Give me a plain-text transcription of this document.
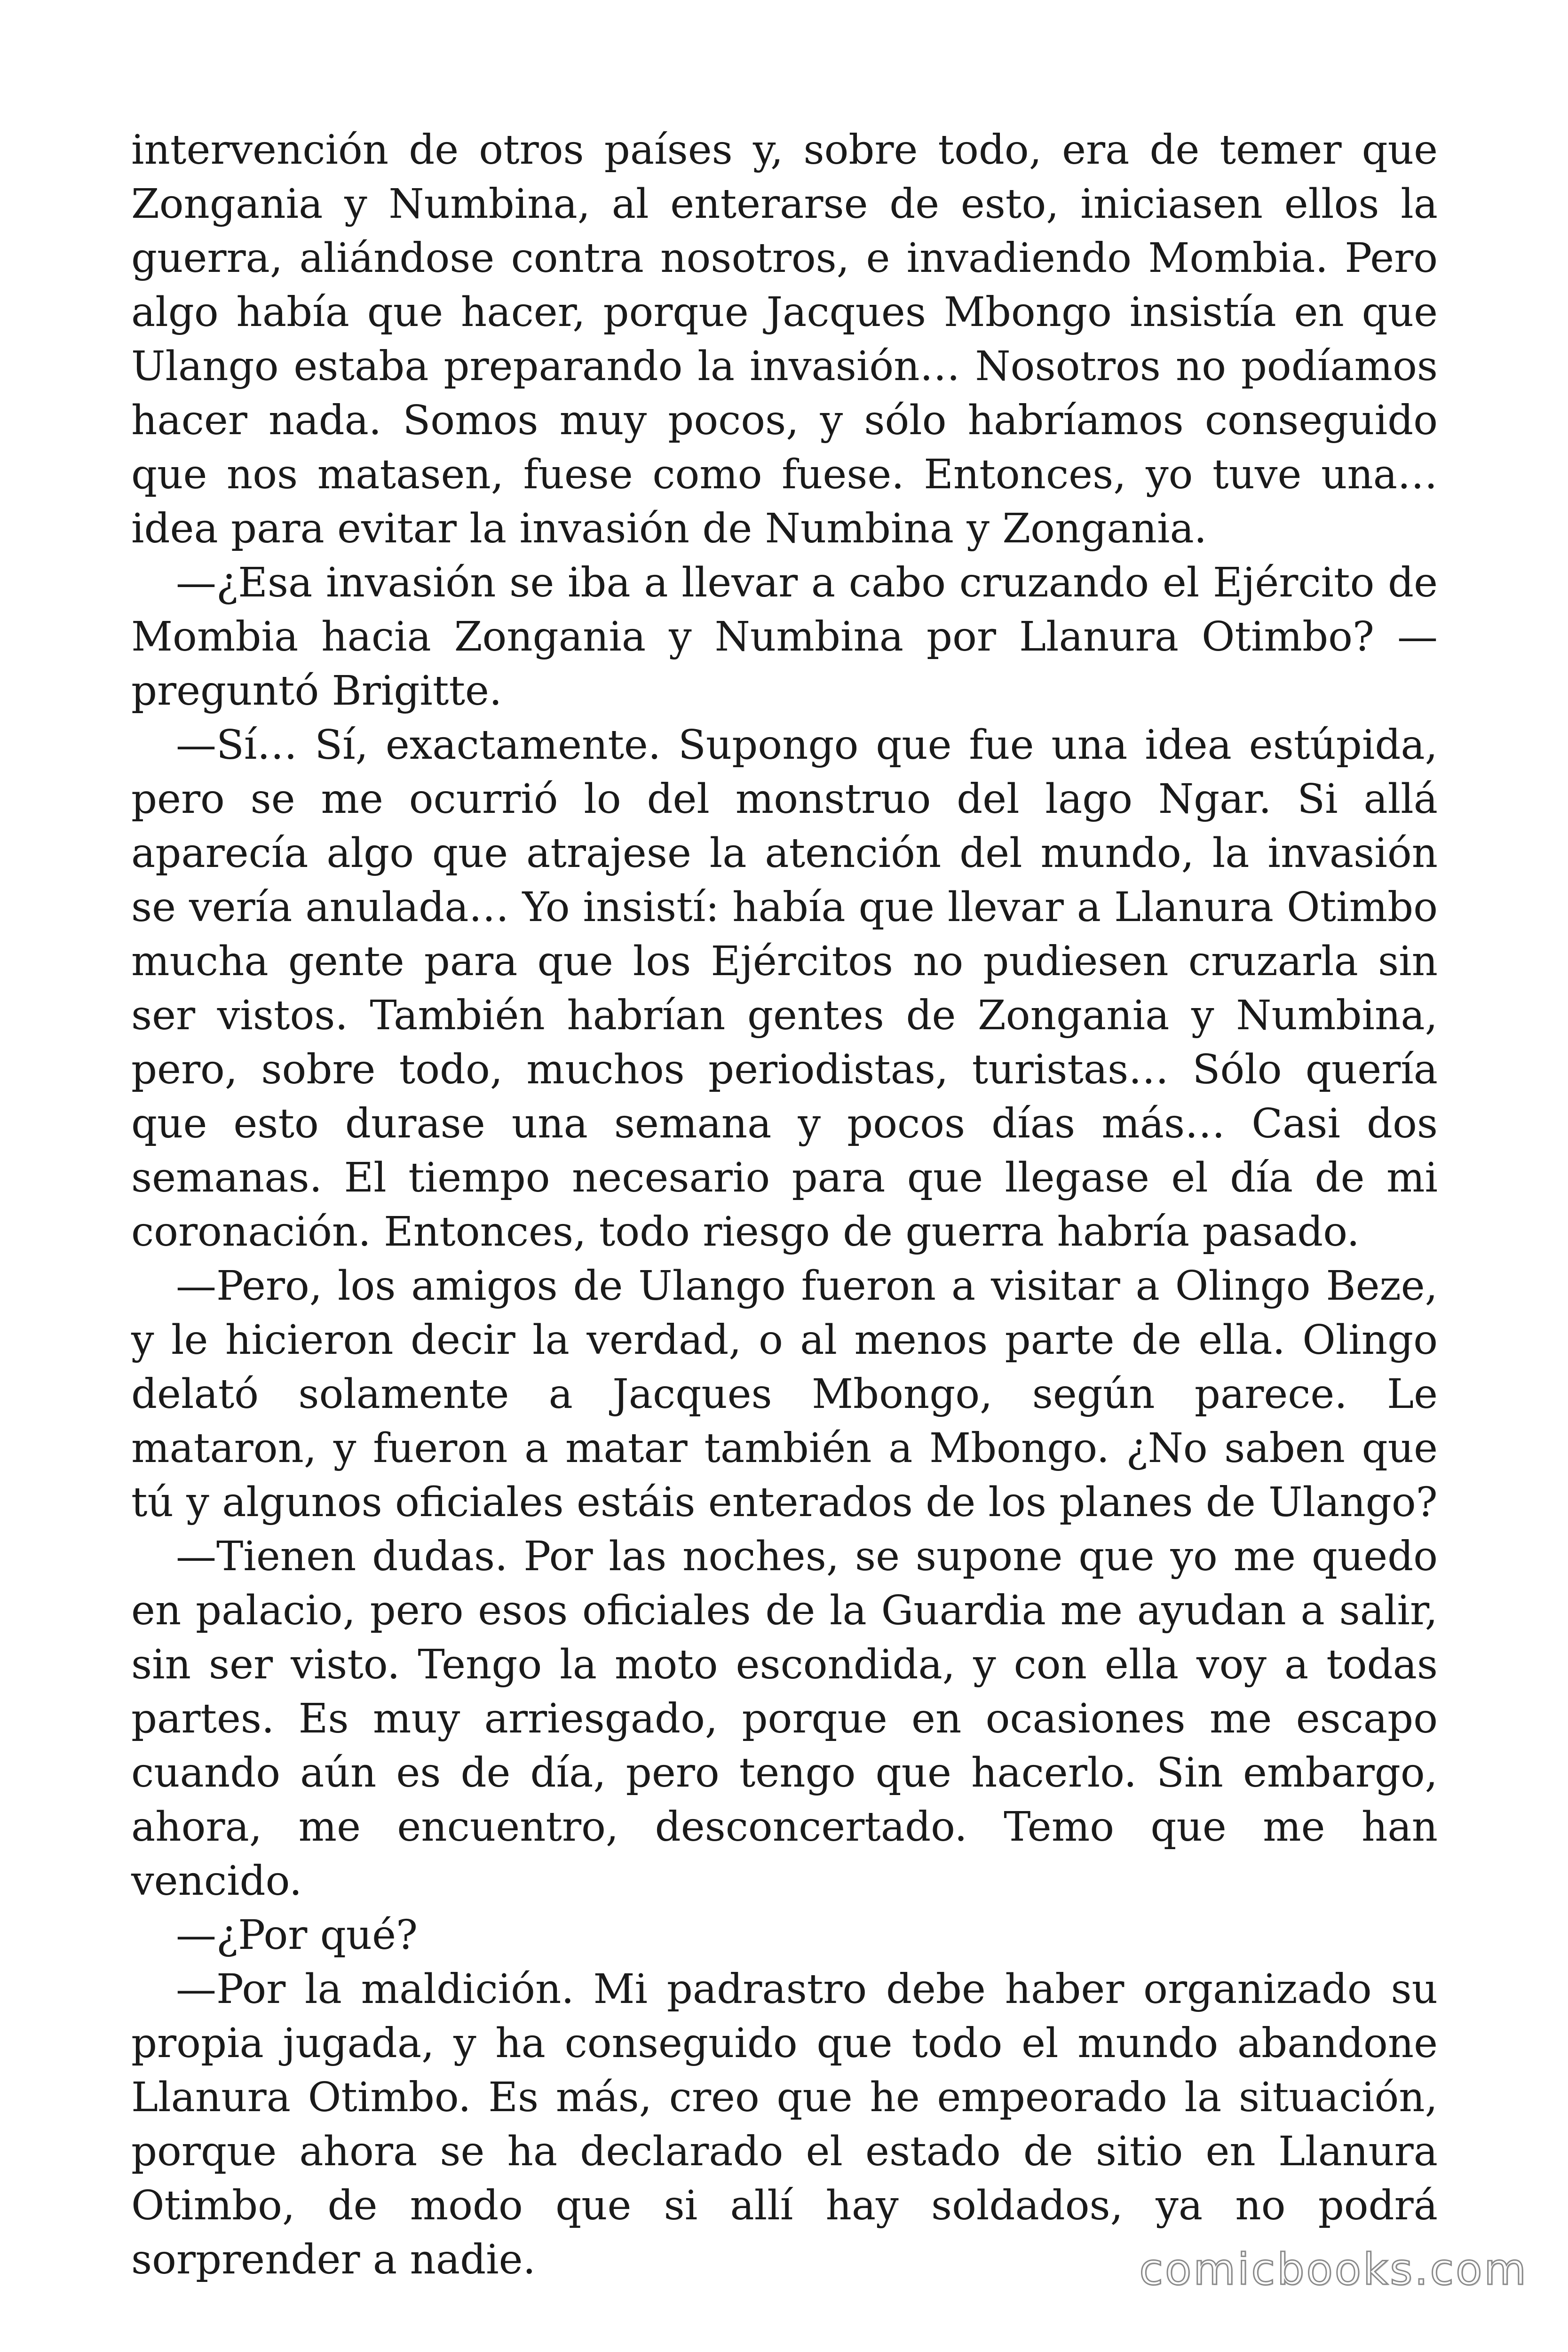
intervención de otros países y, sobre todo, era de temer que Zongania y Numbina, al enterarse de esto, iniciasen ellos la guerra, aliándose contra nosotros, e invadiendo Mombia. Pero algo había que hacer, porque Jacques Mbongo insistía en que Ulango estaba preparando la invasión… Nosotros no podíamos hacer nada. Somos muy pocos, y sólo habríamos conseguido que nos matasen, fuese como fuese. Entonces, yo tuve una… idea para evitar la invasión de Numbina y Zongania.

—¿Esa invasión se iba a llevar a cabo cruzando el Ejército de Mombia hacia Zongania y Numbina por Llanura Otimbo? —preguntó Brigitte.

—Sí… Sí, exactamente. Supongo que fue una idea estúpida, pero se me ocurrió lo del monstruo del lago Ngar. Si allá aparecía algo que atrajese la atención del mundo, la invasión se vería anulada… Yo insistí: había que llevar a Llanura Otimbo mucha gente para que los Ejércitos no pudiesen cruzarla sin ser vistos. También habrían gentes de Zongania y Numbina, pero, sobre todo, muchos periodistas, turistas… Sólo quería que esto durase una semana y pocos días más… Casi dos semanas. El tiempo necesario para que llegase el día de mi coronación. Entonces, todo riesgo de guerra habría pasado.

—Pero, los amigos de Ulango fueron a visitar a Olingo Beze, y le hicieron decir la verdad, o al menos parte de ella. Olingo delató solamente a Jacques Mbongo, según parece. Le mataron, y fueron a matar también a Mbongo. ¿No saben que tú y algunos oficiales estáis enterados de los planes de Ulango?

—Tienen dudas. Por las noches, se supone que yo me quedo en palacio, pero esos oficiales de la Guardia me ayudan a salir, sin ser visto. Tengo la moto escondida, y con ella voy a todas partes. Es muy arriesgado, porque en ocasiones me escapo cuando aún es de día, pero tengo que hacerlo. Sin embargo, ahora, me encuentro, desconcertado. Temo que me han vencido.

—¿Por qué?

—Por la maldición. Mi padrastro debe haber organizado su propia jugada, y ha conseguido que todo el mundo abandone Llanura Otimbo. Es más, creo que he empeorado la situación, porque ahora se ha declarado el estado de sitio en Llanura Otimbo, de modo que si allí hay soldados, ya no podrá sorprender a nadie.	comicbooks.com
